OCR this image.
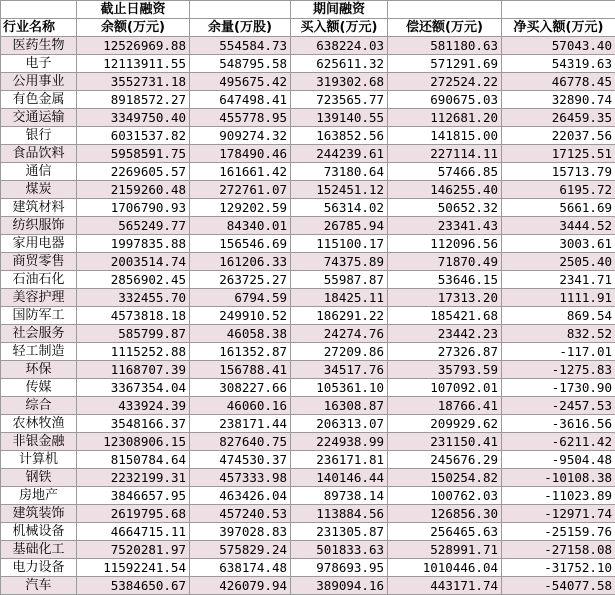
	截止日融资		期间融资		
行业名称	余额(万元)	余量(万股)	买入额(万元)	偿还额(万元)	净买入额(万元)
医药生物	12526969.88	554584.73	638224.03	581180.63	57043.40
电子	12113911.55	548795.58	625611.32	571291.69	54319.63
公用事业	3552731.18	495675.42	319302.68	272524.22	46778.45
有色金属	8918572.27	647498.41	723565.77	690675.03	32890.74
交通运输	3349750.40	455778.95	139140.55	112681.20	26459.35
银行	6031537.82	909274.32	163852.56	141815.00	22037.56
食品饮料	5958591.75	178490.46	244239.61	227114.11	17125.51
通信	2269605.57	161661.42	73180.64	57466.85	15713.79
煤炭	2159260.48	272761.07	152451.12	146255.40	6195.72
建筑材料	1706790.93	129202.59	56314.02	50652.32	5661.69
纺织服饰	565249.77	84340.01	26785.94	23341.43	3444.52
家用电器	1997835.88	156546.69	115100.17	112096.56	3003.61
商贸零售	2003514.74	161206.33	74375.89	71870.49	2505.40
石油石化	2856902.45	263725.27	55987.87	53646.15	2341.71
美容护理	332455.70	6794.59	18425.11	17313.20	1111.91
国防军工	4573818.18	249910.52	186291.22	185421.68	869.54
社会服务	585799.87	46058.38	24274.76	23442.23	832.52
轻工制造	1115252.88	161352.87	27209.86	27326.87	-117.01
环保	1168707.39	156788.41	34517.76	35793.59	-1275.83
传媒	3367354.04	308227.66	105361.10	107092.01	-1730.90
综合	433924.39	46060.16	16308.87	18766.41	-2457.53
农林牧渔	3548166.37	238171.44	206313.07	209929.62	-3616.56
非银金融	12308906.15	827640.75	224938.99	231150.41	-6211.42
计算机	8150784.64	474530.37	236171.81	245676.29	-9504.48
钢铁	2232199.31	457333.98	140146.44	150254.82	-10108.38
房地产	3846657.95	463426.04	89738.14	100762.03	-11023.89
建筑装饰	2619795.68	457240.53	113884.56	126856.30	-12971.74
机械设备	4664715.11	397028.83	231305.87	256465.63	-25159.76
基础化工	7520281.97	575829.24	501833.63	528991.71	-27158.08
电力设备	11592241.54	638174.48	978693.95	1010446.04	-31752.10
汽车	5384650.67	426079.94	389094.16	443171.74	-54077.58
